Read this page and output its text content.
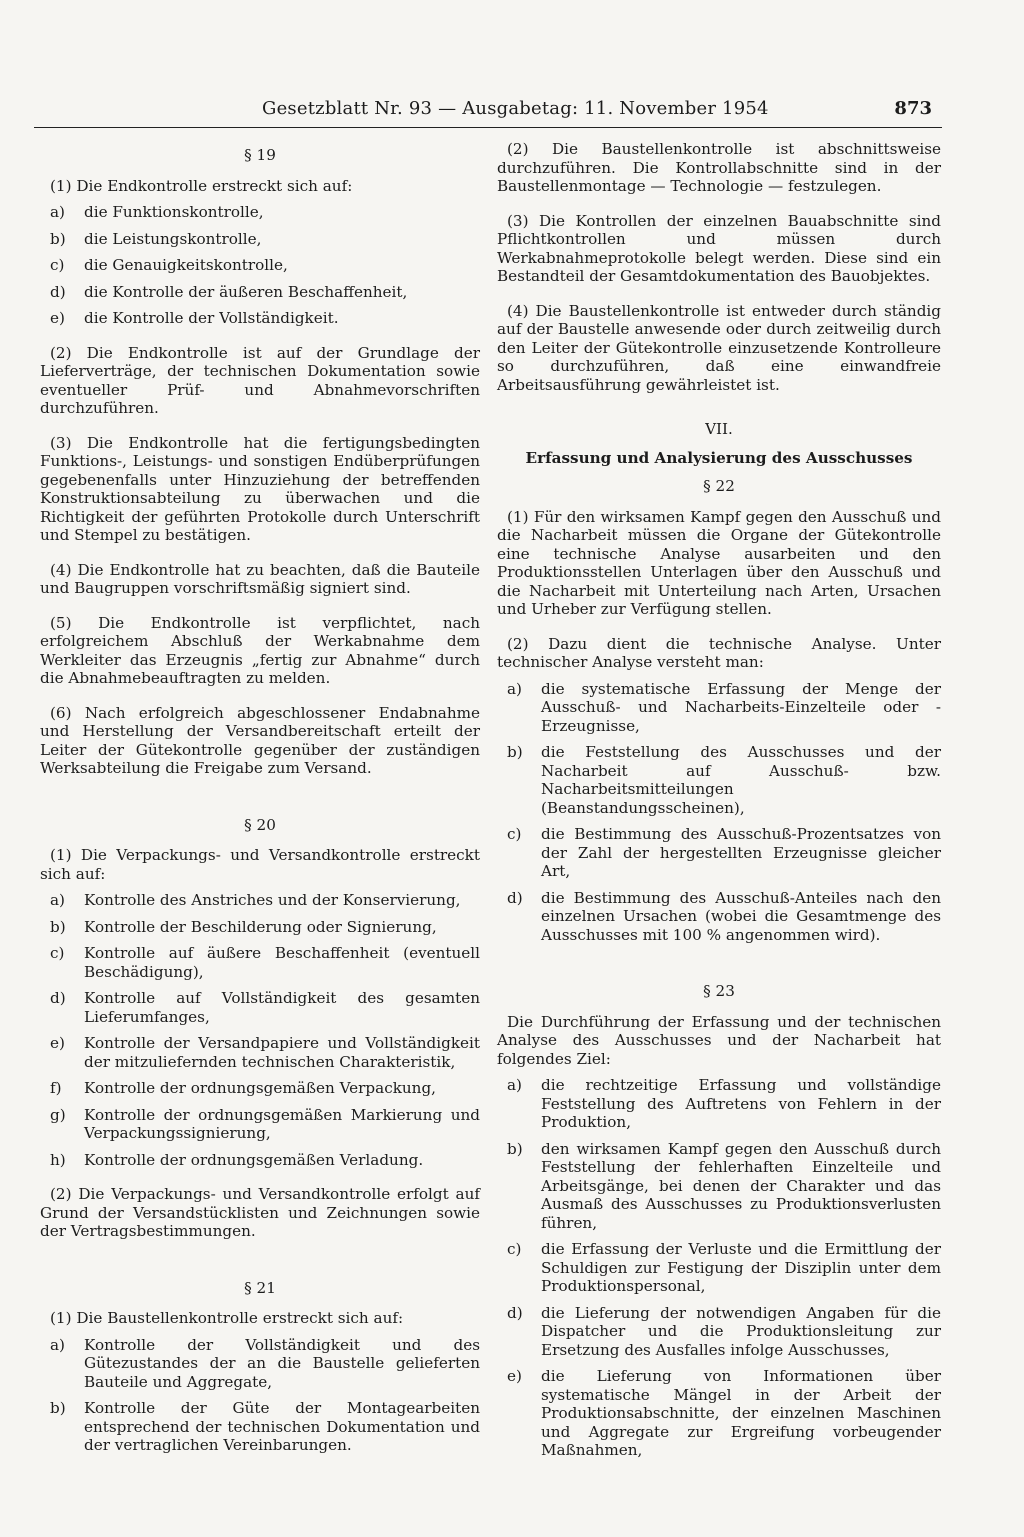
Gesetzblatt Nr. 93 — Ausgabetag: 11. November 1954	873
§ 19
(1) Die Endkontrolle erstreckt sich auf:
a)	die Funktionskontrolle,
b)	die Leistungskontrolle,
c)	die Genauigkeitskontrolle,
d)	die Kontrolle der äußeren Beschaffenheit,
e)	die Kontrolle der Vollständigkeit.
(2) Die Endkontrolle ist auf der Grundlage der Lieferverträge, der technischen Dokumentation sowie eventueller Prüf- und Abnahmevorschriften durchzuführen.
(3) Die Endkontrolle hat die fertigungsbedingten Funktions-, Leistungs- und sonstigen Endüberprüfungen gegebenenfalls unter Hinzuziehung der betreffenden Konstruktionsabteilung zu überwachen und die Richtigkeit der geführten Protokolle durch Unterschrift und Stempel zu bestätigen.
(4) Die Endkontrolle hat zu beachten, daß die Bauteile und Baugruppen vorschriftsmäßig signiert sind.
(5) Die Endkontrolle ist verpflichtet, nach erfolgreichem Abschluß der Werkabnahme dem Werkleiter das Erzeugnis „fertig zur Abnahme“ durch die Abnahmebeauftragten zu melden.
(6) Nach erfolgreich abgeschlossener Endabnahme und Herstellung der Versandbereitschaft erteilt der Leiter der Gütekontrolle gegenüber der zuständigen Werksabteilung die Freigabe zum Versand.
§ 20
(1) Die Verpackungs- und Versandkontrolle erstreckt sich auf:
a)	Kontrolle des Anstriches und der Konservierung,
b)	Kontrolle der Beschilderung oder Signierung,
c)	Kontrolle auf äußere Beschaffenheit (eventuell Beschädigung),
d)	Kontrolle auf Vollständigkeit des gesamten Lieferumfanges,
e)	Kontrolle der Versandpapiere und Vollständigkeit der mitzuliefernden technischen Charakteristik,
f)	Kontrolle der ordnungsgemäßen Verpackung,
g)	Kontrolle der ordnungsgemäßen Markierung und Verpackungssignierung,
h)	Kontrolle der ordnungsgemäßen Verladung.
(2) Die Verpackungs- und Versandkontrolle erfolgt auf Grund der Versandstücklisten und Zeichnungen sowie der Vertragsbestimmungen.
§ 21
(1) Die Baustellenkontrolle erstreckt sich auf:
a)	Kontrolle der Vollständigkeit und des Gütezustandes der an die Baustelle gelieferten Bauteile und Aggregate,
b)	Kontrolle der Güte der Montagearbeiten entsprechend der technischen Dokumentation und der vertraglichen Vereinbarungen.
(2) Die Baustellenkontrolle ist abschnittsweise durchzuführen. Die Kontrollabschnitte sind in der Baustellenmontage — Technologie — festzulegen.
(3) Die Kontrollen der einzelnen Bauabschnitte sind Pflichtkontrollen und müssen durch Werkabnahmeprotokolle belegt werden. Diese sind ein Bestandteil der Gesamtdokumentation des Bauobjektes.
(4) Die Baustellenkontrolle ist entweder durch ständig auf der Baustelle anwesende oder durch zeitweilig durch den Leiter der Gütekontrolle einzusetzende Kontrolleure so durchzuführen, daß eine einwandfreie Arbeitsausführung gewährleistet ist.
VII.
Erfassung und Analysierung des Ausschusses
§ 22
(1) Für den wirksamen Kampf gegen den Ausschuß und die Nacharbeit müssen die Organe der Gütekontrolle eine technische Analyse ausarbeiten und den Produktionsstellen Unterlagen über den Ausschuß und die Nacharbeit mit Unterteilung nach Arten, Ursachen und Urheber zur Verfügung stellen.
(2) Dazu dient die technische Analyse. Unter technischer Analyse versteht man:
a)	die systematische Erfassung der Menge der Ausschuß- und Nacharbeits-Einzelteile oder -Erzeugnisse,
b)	die Feststellung des Ausschusses und der Nacharbeit auf Ausschuß- bzw. Nacharbeitsmitteilungen (Beanstandungsscheinen),
c)	die Bestimmung des Ausschuß-Prozentsatzes von der Zahl der hergestellten Erzeugnisse gleicher Art,
d)	die Bestimmung des Ausschuß-Anteiles nach den einzelnen Ursachen (wobei die Gesamtmenge des Ausschusses mit 100 % angenommen wird).
§ 23
Die Durchführung der Erfassung und der technischen Analyse des Ausschusses und der Nacharbeit hat folgendes Ziel:
a)	die rechtzeitige Erfassung und vollständige Feststellung des Auftretens von Fehlern in der Produktion,
b)	den wirksamen Kampf gegen den Ausschuß durch Feststellung der fehlerhaften Einzelteile und Arbeitsgänge, bei denen der Charakter und das Ausmaß des Ausschusses zu Produktionsverlusten führen,
c)	die Erfassung der Verluste und die Ermittlung der Schuldigen zur Festigung der Disziplin unter dem Produktionspersonal,
d)	die Lieferung der notwendigen Angaben für die Dispatcher und die Produktionsleitung zur Ersetzung des Ausfalles infolge Ausschusses,
e)	die Lieferung von Informationen über systematische Mängel in der Arbeit der Produktionsabschnitte, der einzelnen Maschinen und Aggregate zur Ergreifung vorbeugender Maßnahmen,
